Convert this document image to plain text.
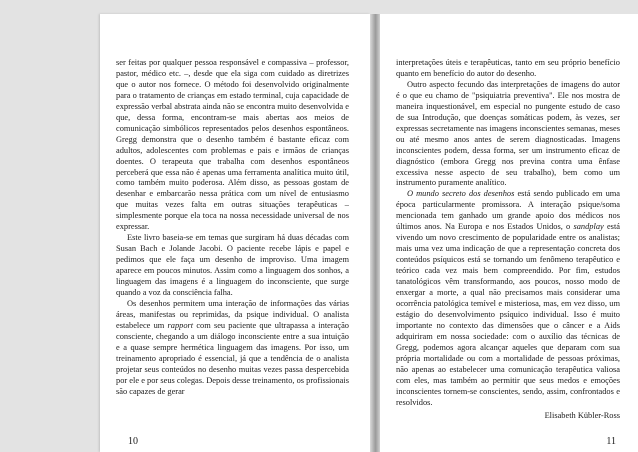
ser feitas por qualquer pessoa responsável e compassiva – professor, pastor, médico etc. –, desde que ela siga com cuidado as diretrizes que o autor nos fornece. O método foi desenvolvido originalmente para o tratamento de crianças em estado terminal, cuja capacidade de expressão verbal abstrata ainda não se encontra muito desenvolvida e que, dessa forma, encontram-se mais abertas aos meios de comunicação simbólicos representados pelos desenhos espontâneos. Gregg demonstra que o desenho também é bastante eficaz com adultos, adolescentes com problemas e pais e irmãos de crianças doentes. O terapeuta que trabalha com desenhos espontâneos perceberá que essa não é apenas uma ferramenta analítica muito útil, como também muito poderosa. Além disso, as pessoas gostam de desenhar e embarcarão nessa prática com um nível de entusiasmo que muitas vezes falta em outras situações terapêuticas – simplesmente porque ela toca na nossa necessidade universal de nos expressar.

Este livro baseia-se em temas que surgiram há duas décadas com Susan Bach e Jolande Jacobi. O paciente recebe lápis e papel e pedimos que ele faça um desenho de improviso. Uma imagem aparece em poucos minutos. Assim como a linguagem dos sonhos, a linguagem das imagens é a linguagem do inconsciente, que surge quando a voz da consciência falha.

Os desenhos permitem uma interação de informações das várias áreas, manifestas ou reprimidas, da psique individual. O analista estabelece um rapport com seu paciente que ultrapassa a interação consciente, chegando a um diálogo inconsciente entre a sua intuição e a quase sempre hermética linguagem das imagens. Por isso, um treinamento apropriado é essencial, já que a tendência de o analista projetar seus conteúdos no desenho muitas vezes passa despercebida por ele e por seus colegas. Depois desse treinamento, os profissionais são capazes de gerar

10

interpretações úteis e terapêuticas, tanto em seu próprio benefício quanto em benefício do autor do desenho.

Outro aspecto fecundo das interpretações de imagens do autor é o que eu chamo de "psiquiatria preventiva". Ele nos mostra de maneira inquestionável, em especial no pungente estudo de caso de sua Introdução, que doenças somáticas podem, às vezes, ser expressas secretamente nas imagens inconscientes semanas, meses ou até mesmo anos antes de serem diagnosticadas. Imagens inconscientes podem, dessa forma, ser um instrumento eficaz de diagnóstico (embora Gregg nos previna contra uma ênfase excessiva nesse aspecto de seu trabalho), bem como um instrumento puramente analítico.

O mundo secreto dos desenhos está sendo publicado em uma época particularmente promissora. A interação psique/soma mencionada tem ganhado um grande apoio dos médicos nos últimos anos. Na Europa e nos Estados Unidos, o sandplay está vivendo um novo crescimento de popularidade entre os analistas; mais uma vez uma indicação de que a representação concreta dos conteúdos psíquicos está se tornando um fenômeno terapêutico e teórico cada vez mais bem compreendido. Por fim, estudos tanatológicos vêm transformando, aos poucos, nosso modo de enxergar a morte, a qual não precisamos mais considerar uma ocorrência patológica temível e misteriosa, mas, em vez disso, um estágio do desenvolvimento psíquico individual. Isso é muito importante no contexto das dimensões que o câncer e a Aids adquiriram em nossa sociedade: com o auxílio das técnicas de Gregg, podemos agora alcançar aqueles que deparam com sua própria mortalidade ou com a mortalidade de pessoas próximas, não apenas ao estabelecer uma comunicação terapêutica valiosa com eles, mas também ao permitir que seus medos e emoções inconscientes tornem-se conscientes, sendo, assim, confrontados e resolvidos.

Elisabeth Kübler-Ross
11
